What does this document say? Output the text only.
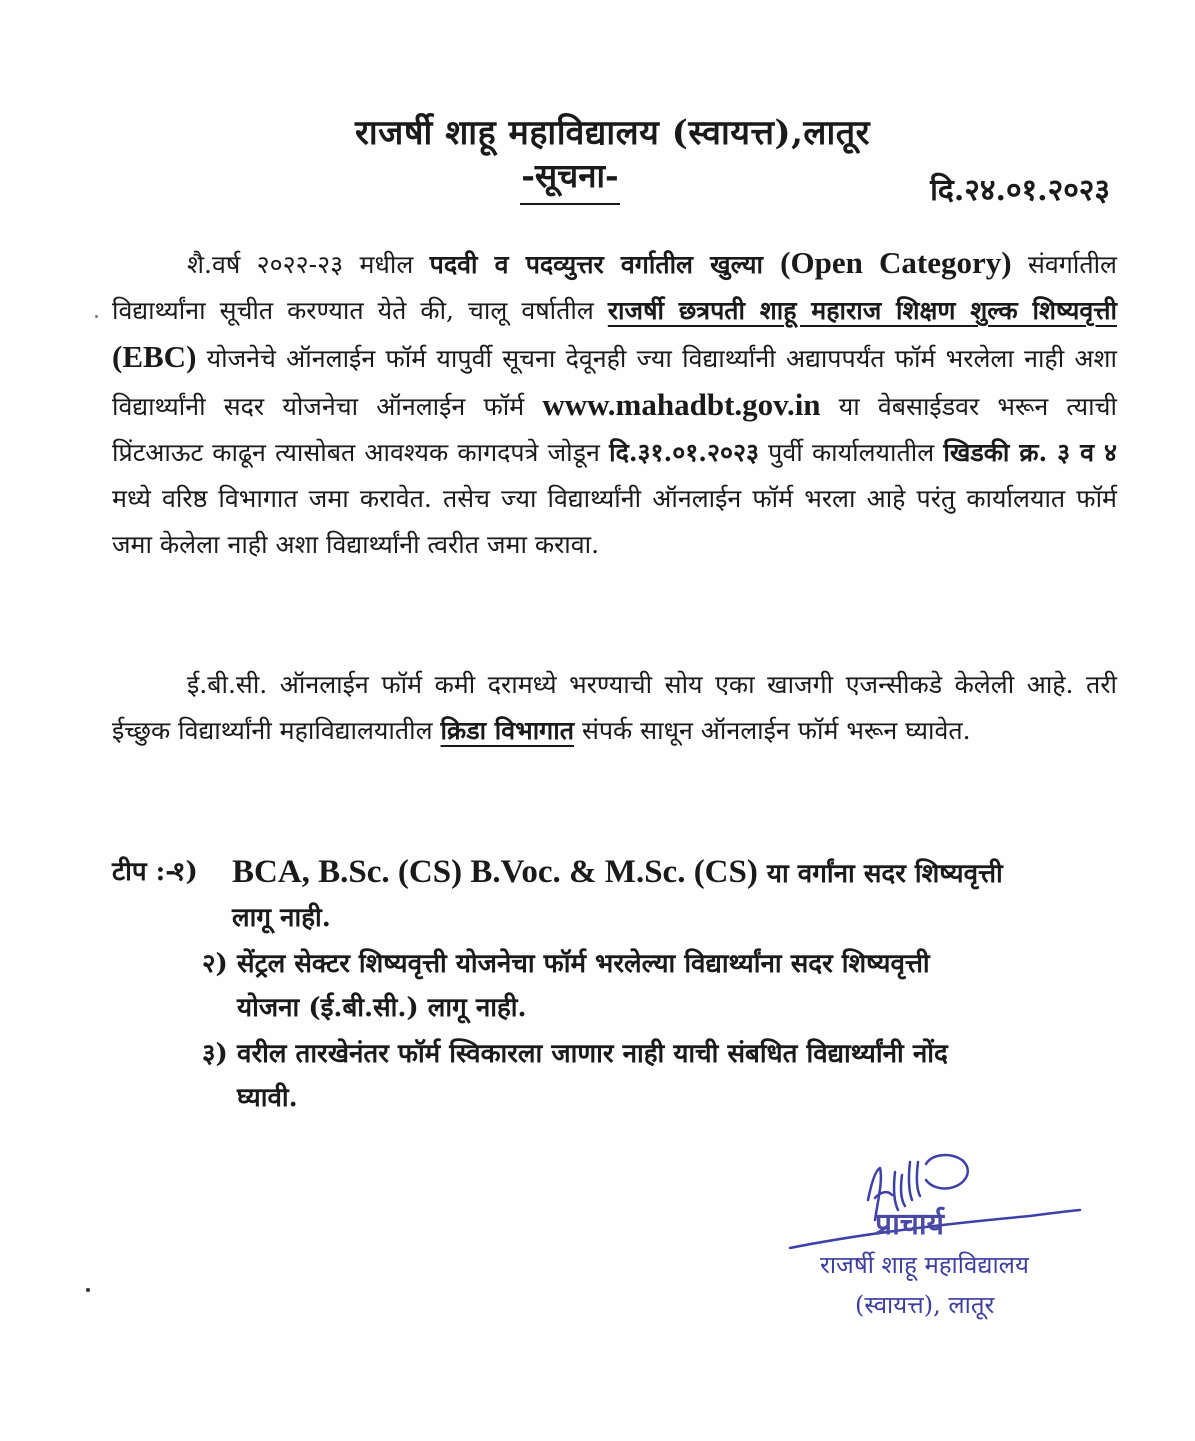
राजर्षी शाहू महाविद्यालय (स्वायत्त),लातूर
-सूचना-	दि.२४.०१.२०२३
शै.वर्ष २०२२-२३ मधील पदवी व पदव्युत्तर वर्गातील खुल्या (Open Category) संवर्गातील विद्यार्थ्यांना सूचीत करण्यात येते की, चालू वर्षातील राजर्षी छत्रपती शाहू महाराज शिक्षण शुल्क शिष्यवृत्ती (EBC) योजनेचे ऑनलाईन फॉर्म यापुर्वी सूचना देवूनही ज्या विद्यार्थ्यांनी अद्यापपर्यंत फॉर्म भरलेला नाही अशा विद्यार्थ्यांनी सदर योजनेचा ऑनलाईन फॉर्म www.mahadbt.gov.in या वेबसाईडवर भरून त्याची प्रिंटआऊट काढून त्यासोबत आवश्यक कागदपत्रे जोडून दि.३१.०१.२०२३ पुर्वी कार्यालयातील खिडकी क्र. ३ व ४ मध्ये वरिष्ठ विभागात जमा करावेत. तसेच ज्या विद्यार्थ्यांनी ऑनलाईन फॉर्म भरला आहे परंतु कार्यालयात फॉर्म जमा केलेला नाही अशा विद्यार्थ्यांनी त्वरीत जमा करावा.
ई.बी.सी. ऑनलाईन फॉर्म कमी दरामध्ये भरण्याची सोय एका खाजगी एजन्सीकडे केलेली आहे. तरी ईच्छुक विद्यार्थ्यांनी महाविद्यालयातील क्रिडा विभागात संपर्क साधून ऑनलाईन फॉर्म भरून घ्यावेत.
टीप :-
१)	BCA, B.Sc. (CS) B.Voc. & M.Sc. (CS) या वर्गांना सदर शिष्यवृत्ती
लागू नाही.
२) सेंट्रल सेक्टर शिष्यवृत्ती योजनेचा फॉर्म भरलेल्या विद्यार्थ्यांना सदर शिष्यवृत्ती
योजना (ई.बी.सी.) लागू नाही.
३) वरील तारखेनंतर फॉर्म स्विकारला जाणार नाही याची संबधित विद्यार्थ्यांनी नोंद
घ्यावी.
प्राचार्य
राजर्षी शाहू महाविद्यालय
(स्वायत्त), लातूर
